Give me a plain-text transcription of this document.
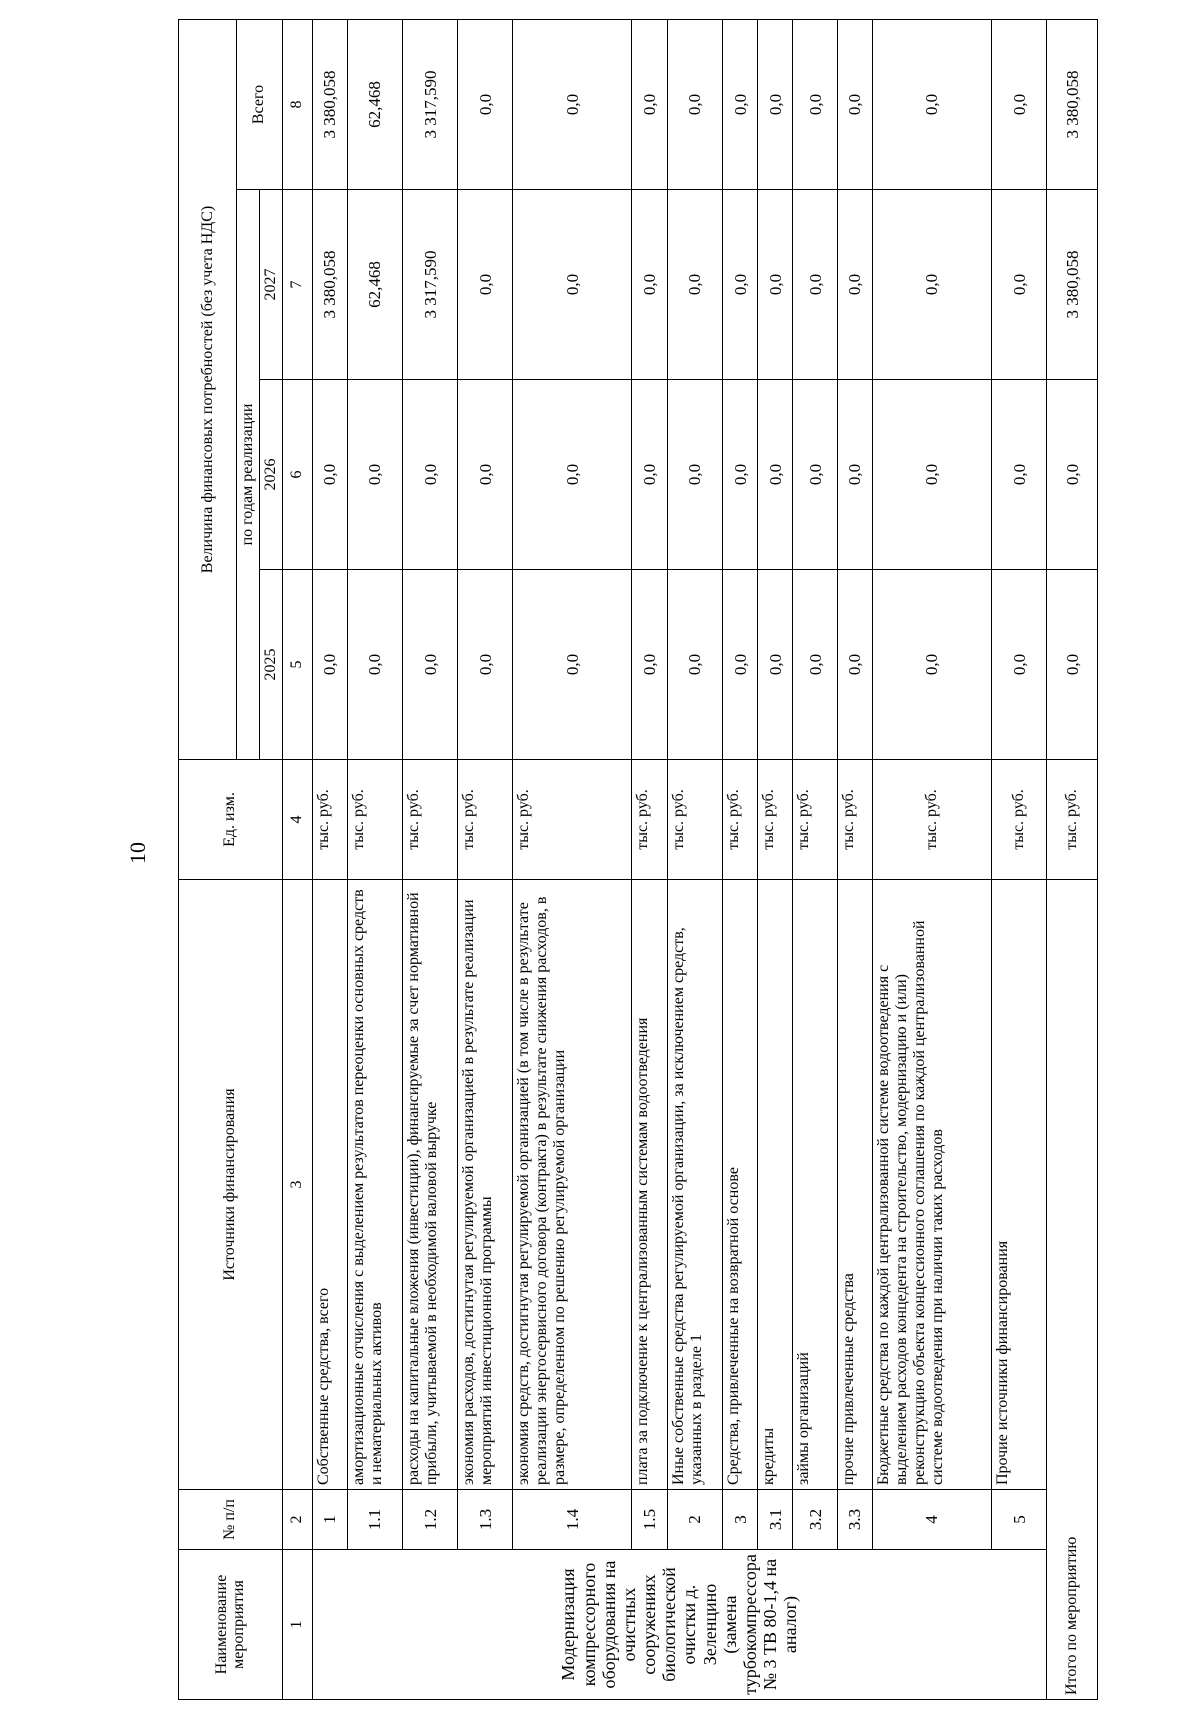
10
Наименование мероприятия	№ п/п	Источники финансирования	Ед. изм.	Величина финансовых потребностей (без учета НДС)			
				по годам реализации			Всего
				2025	2026	2027	
1	2	3	4	5	6	7	8
Модернизация компрессорного оборудования на очистных сооружениях биологической очистки д. Зеленцино (замена турбокомпрессора № 3 ТВ 80-1,4 на аналог)	1	Собственные средства, всего	тыс. руб.	0,0	0,0	3 380,058	3 380,058
	1.1	амортизационные отчисления с выделением результатов переоценки основных средств и нематериальных активов	тыс. руб.	0,0	0,0	62,468	62,468
	1.2	расходы на капитальные вложения (инвестиции), финансируемые за счет нормативной прибыли, учитываемой в необходимой валовой выручке	тыс. руб.	0,0	0,0	3 317,590	3 317,590
	1.3	экономия расходов, достигнутая регулируемой организацией в результате реализации мероприятий инвестиционной программы	тыс. руб.	0,0	0,0	0,0	0,0
	1.4	экономия средств, достигнутая регулируемой организацией (в том числе в результате реализации энергосервисного договора (контракта) в результате снижения расходов, в размере, определенном по решению регулируемой организации	тыс. руб.	0,0	0,0	0,0	0,0
	1.5	плата за подключение к централизованным системам водоотведения	тыс. руб.	0,0	0,0	0,0	0,0
	2	Иные собственные средства регулируемой организации, за исключением средств, указанных в разделе 1	тыс. руб.	0,0	0,0	0,0	0,0
	3	Средства, привлеченные на возвратной основе	тыс. руб.	0,0	0,0	0,0	0,0
	3.1	кредиты	тыс. руб.	0,0	0,0	0,0	0,0
	3.2	займы организаций	тыс. руб.	0,0	0,0	0,0	0,0
	3.3	прочие привлеченные средства	тыс. руб.	0,0	0,0	0,0	0,0
	4	Бюджетные средства по каждой централизованной системе водоотведения с выделением расходов концедента на строительство, модернизацию и (или) реконструкцию объекта концессионного соглашения по каждой централизованной системе водоотведения при наличии таких расходов	тыс. руб.	0,0	0,0	0,0	0,0
	5	Прочие источники финансирования	тыс. руб.	0,0	0,0	0,0	0,0
Итого по мероприятию			тыс. руб.	0,0	0,0	3 380,058	3 380,058
